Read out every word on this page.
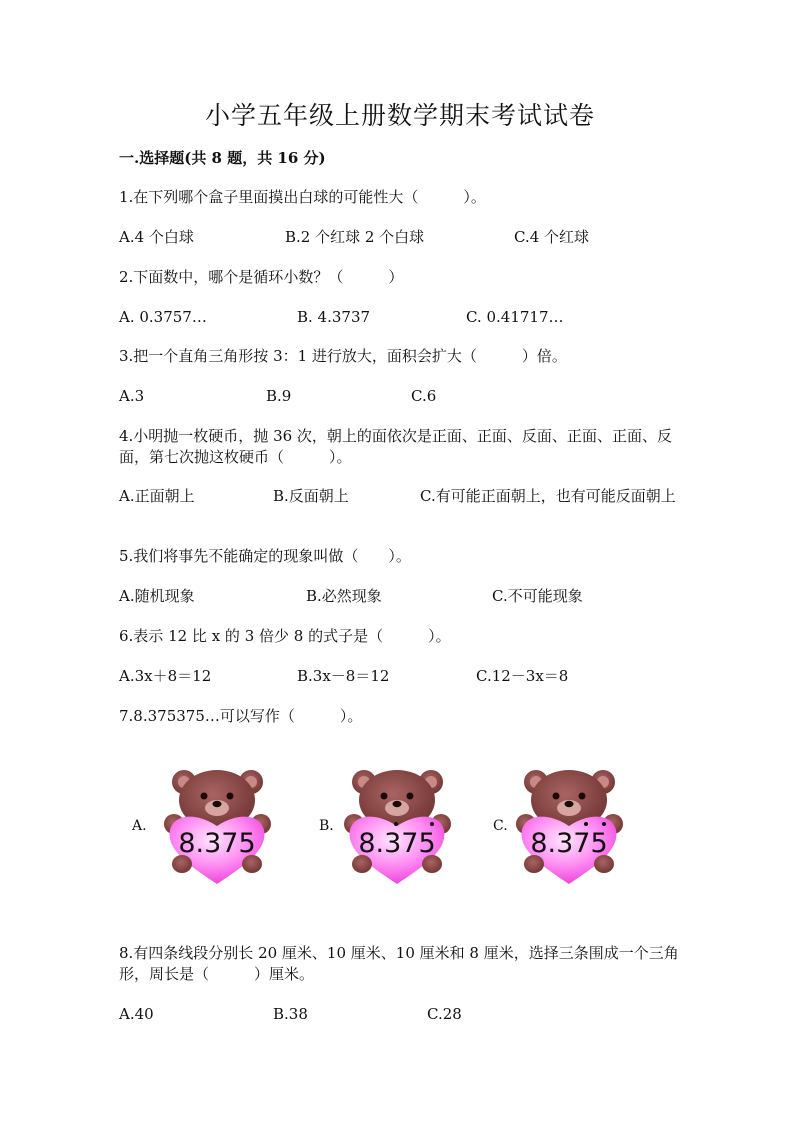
小学五年级上册数学期末考试试卷
一.选择题(共 8 题，共 16 分)
1.在下列哪个盒子里面摸出白球的可能性大（　　　）。
A.4 个白球	B.2 个红球 2 个白球	C.4 个红球
2.下面数中，哪个是循环小数？（　　　）
A. 0.3757…	B. 4.3737	C. 0.41717…
3.把一个直角三角形按 3：1 进行放大，面积会扩大（　　　）倍。
A.3	B.9	C.6
4.小明抛一枚硬币，抛 36 次，朝上的面依次是正面、正面、反面、正面、正面、反面，第七次抛这枚硬币（　　　）。
A.正面朝上	B.反面朝上	C.有可能正面朝上，也有可能反面朝上
5.我们将事先不能确定的现象叫做（　　）。
A.随机现象	B.必然现象	C.不可能现象
6.表示 12 比 x 的 3 倍少 8 的式子是（　　　）。
A.3x＋8＝12	B.3x－8＝12	C.12－3x＝8
7.8.375375…可以写作（　　　）。
A.
8.375
B.
8.375
C.
8.375
8.有四条线段分别长 20 厘米、10 厘米、10 厘米和 8 厘米，选择三条围成一个三角形，周长是（　　　）厘米。
A.40	B.38	C.28
